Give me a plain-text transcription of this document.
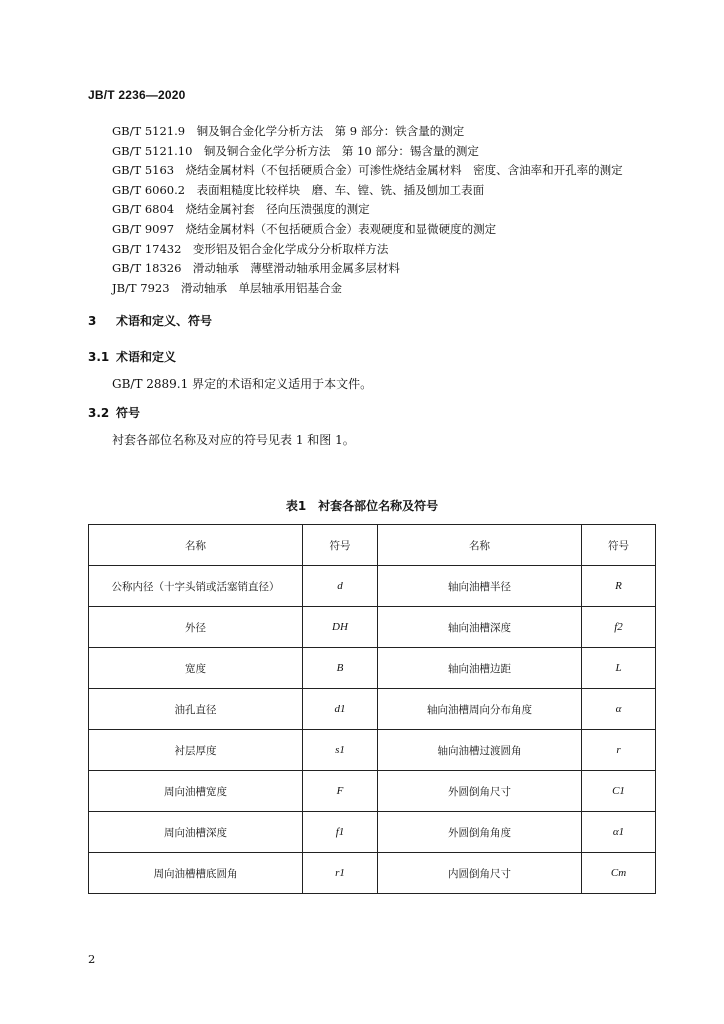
JB/T 2236—2020
GB/T 5121.9　铜及铜合金化学分析方法　第 9 部分：铁含量的测定
GB/T 5121.10　铜及铜合金化学分析方法　第 10 部分：锡含量的测定
GB/T 5163　烧结金属材料（不包括硬质合金）可渗性烧结金属材料　密度、含油率和开孔率的测定
GB/T 6060.2　表面粗糙度比较样块　磨、车、镗、铣、插及刨加工表面
GB/T 6804　烧结金属衬套　径向压溃强度的测定
GB/T 9097　烧结金属材料（不包括硬质合金）表观硬度和显微硬度的测定
GB/T 17432　变形铝及铝合金化学成分分析取样方法
GB/T 18326　滑动轴承　薄壁滑动轴承用金属多层材料
JB/T 7923　滑动轴承　单层轴承用铝基合金
3 术语和定义、符号
3.1 术语和定义
GB/T 2889.1 界定的术语和定义适用于本文件。
3.2 符号
衬套各部位名称及对应的符号见表 1 和图 1。
表1　衬套各部位名称及符号
名称	符号	名称	符号
公称内径（十字头销或活塞销直径）	d	轴向油槽半径	R
外径	DH	轴向油槽深度	f2
宽度	B	轴向油槽边距	L
油孔直径	d1	轴向油槽周向分布角度	α
衬层厚度	s1	轴向油槽过渡圆角	r
周向油槽宽度	F	外圆倒角尺寸	C1
周向油槽深度	f1	外圆倒角角度	α1
周向油槽槽底圆角	r1	内圆倒角尺寸	Cm
2
